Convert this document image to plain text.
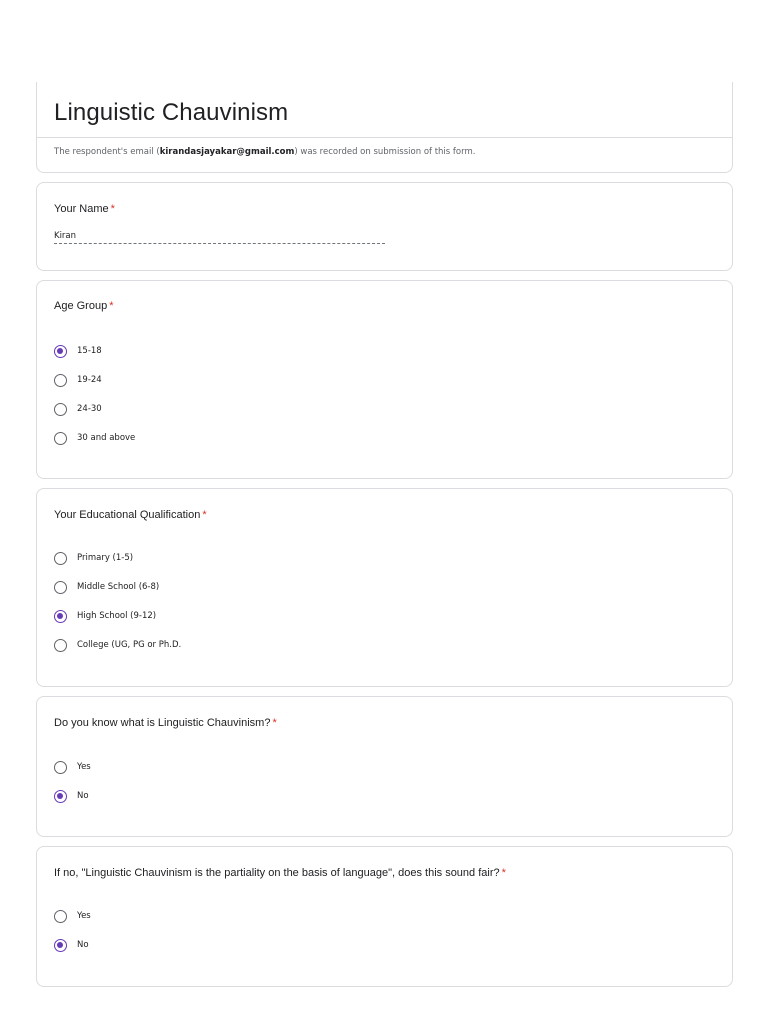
Linguistic Chauvinism
The respondent's email (kirandasjayakar@gmail.com) was recorded on submission of this form.
Your Name *
Kiran
Age Group *
15-18
19-24
24-30
30 and above
Your Educational Qualification *
Primary (1-5)
Middle School (6-8)
High School (9-12)
College (UG, PG or Ph.D.
Do you know what is Linguistic Chauvinism? *
Yes
No
If no, "Linguistic Chauvinism is the partiality on the basis of language", does this sound fair? *
Yes
No
